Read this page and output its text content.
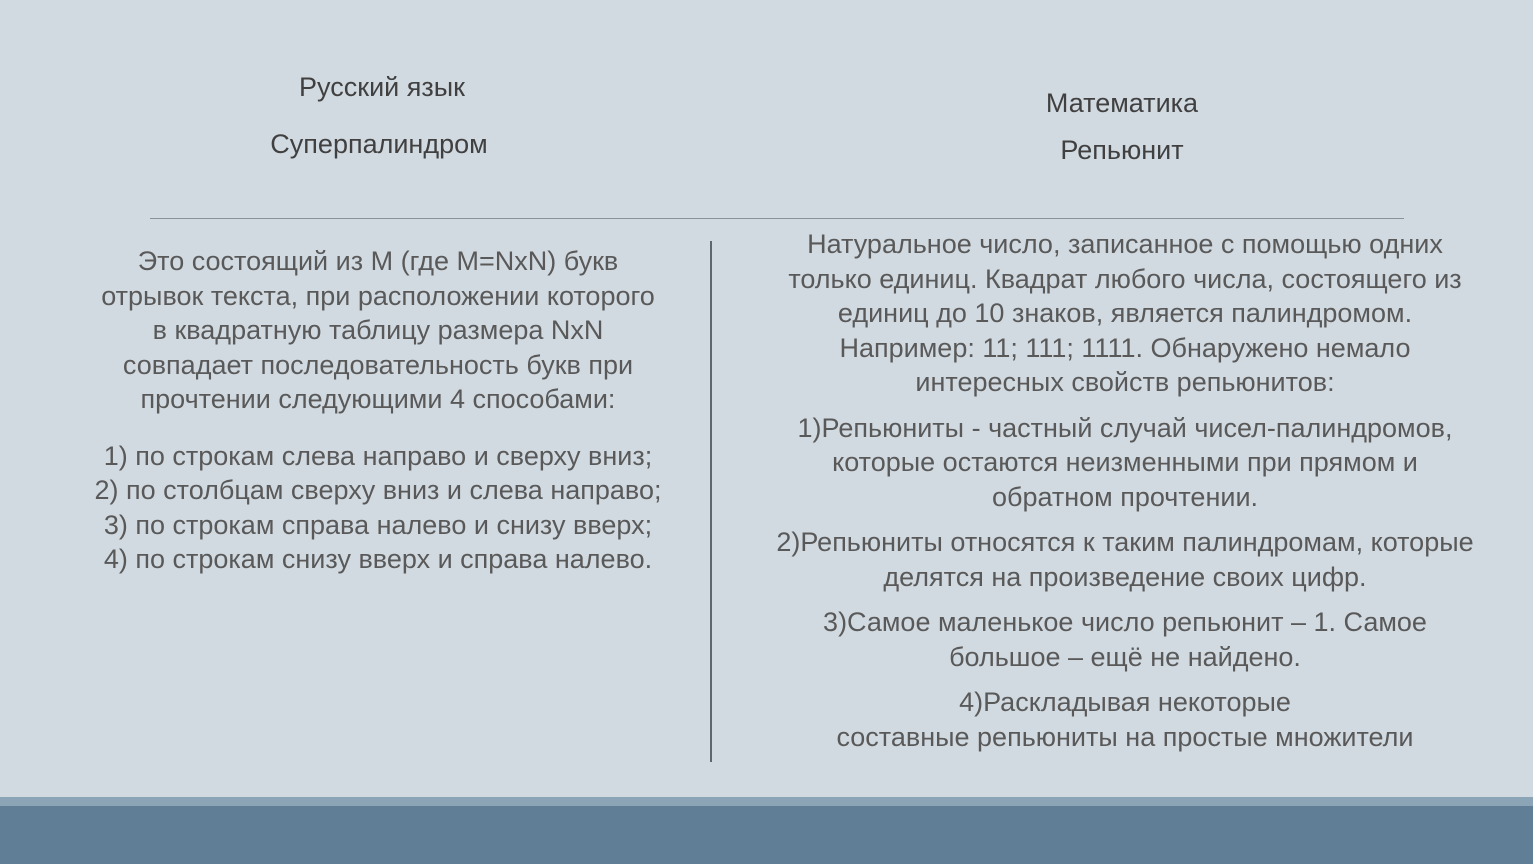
Русский язык
Суперпалиндром
Математика
Репьюнит

Это состоящий из М (где М=NxN) букв
отрывок текста, при расположении которого
в квадратную таблицу размера NxN
совпадает последовательность букв при
прочтении следующими 4 способами:

1) по строкам слева направо и сверху вниз;
2) по столбцам сверху вниз и слева направо;
3) по строкам справа налево и снизу вверх;
4) по строкам снизу вверх и справа налево.

Натуральное число, записанное с помощью одних
только единиц. Квадрат любого числа, состоящего из
единиц до 10 знаков, является палиндромом.
Например: 11; 111; 1111. Обнаружено немало
интересных свойств репьюнитов:

1)Репьюниты - частный случай чисел-палиндромов,
которые остаются неизменными при прямом и
обратном прочтении.

2)Репьюниты относятся к таким палиндромам, которые
делятся на произведение своих цифр.

3)Самое маленькое число репьюнит – 1. Самое
большое – ещё не найдено.

4)Раскладывая некоторые
составные репьюниты на простые множители
